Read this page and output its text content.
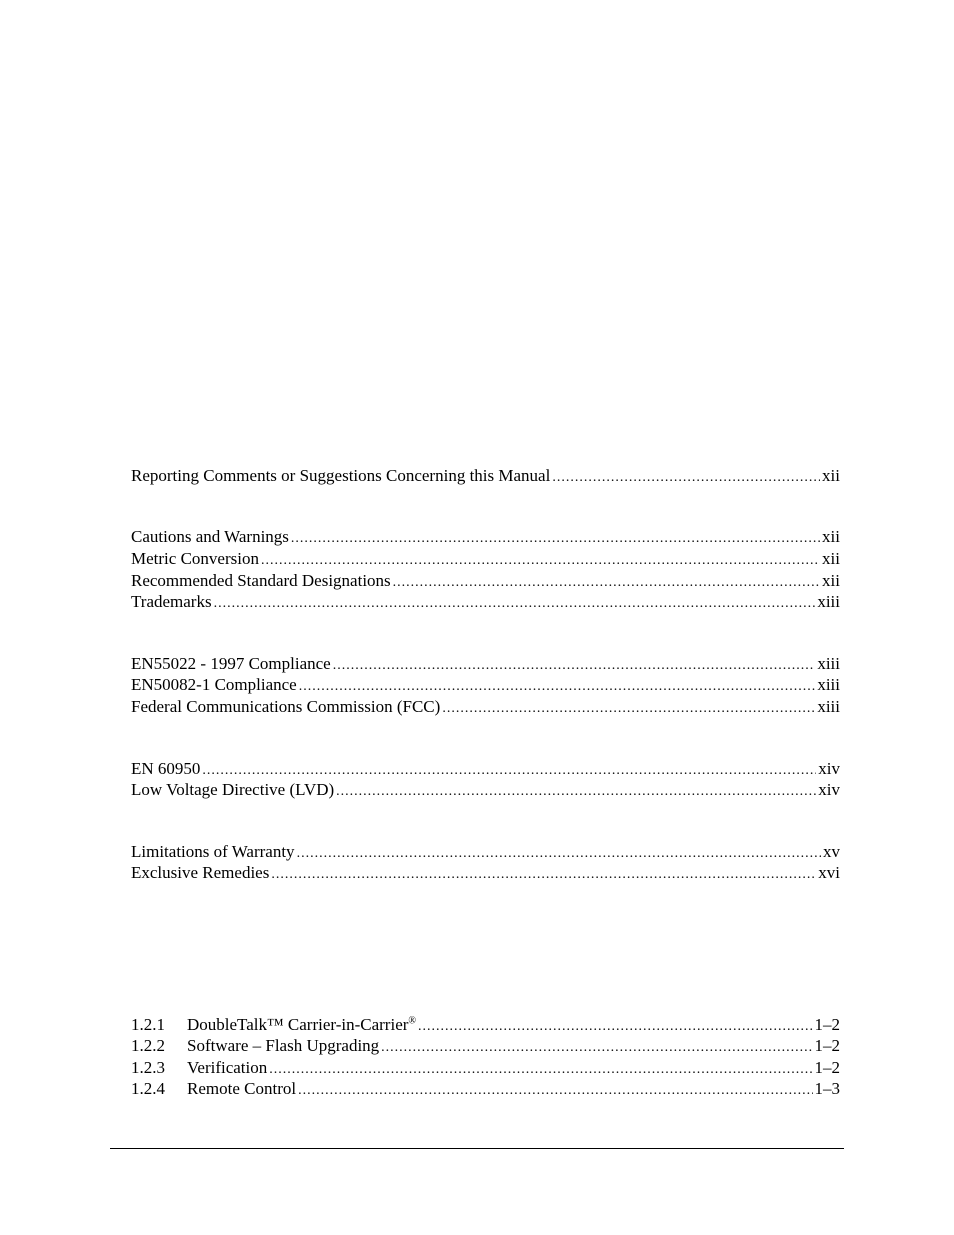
Reporting Comments or Suggestions Concerning this Manual .....	xii
Cautions and Warnings .....	xii
Metric Conversion .....	xii
Recommended Standard Designations .....	xii
Trademarks .....	xiii
EN55022 - 1997 Compliance .....	xiii
EN50082-1 Compliance .....	xiii
Federal Communications Commission (FCC) .....	xiii
EN 60950 .....	xiv
Low Voltage Directive (LVD) .....	xiv
Limitations of Warranty .....	xv
Exclusive Remedies .....	xvi
1.2.1	DoubleTalk™ Carrier-in-Carrier® .....	1–2
1.2.2	Software – Flash Upgrading .....	1–2
1.2.3	Verification .....	1–2
1.2.4	Remote Control .....	1–3
